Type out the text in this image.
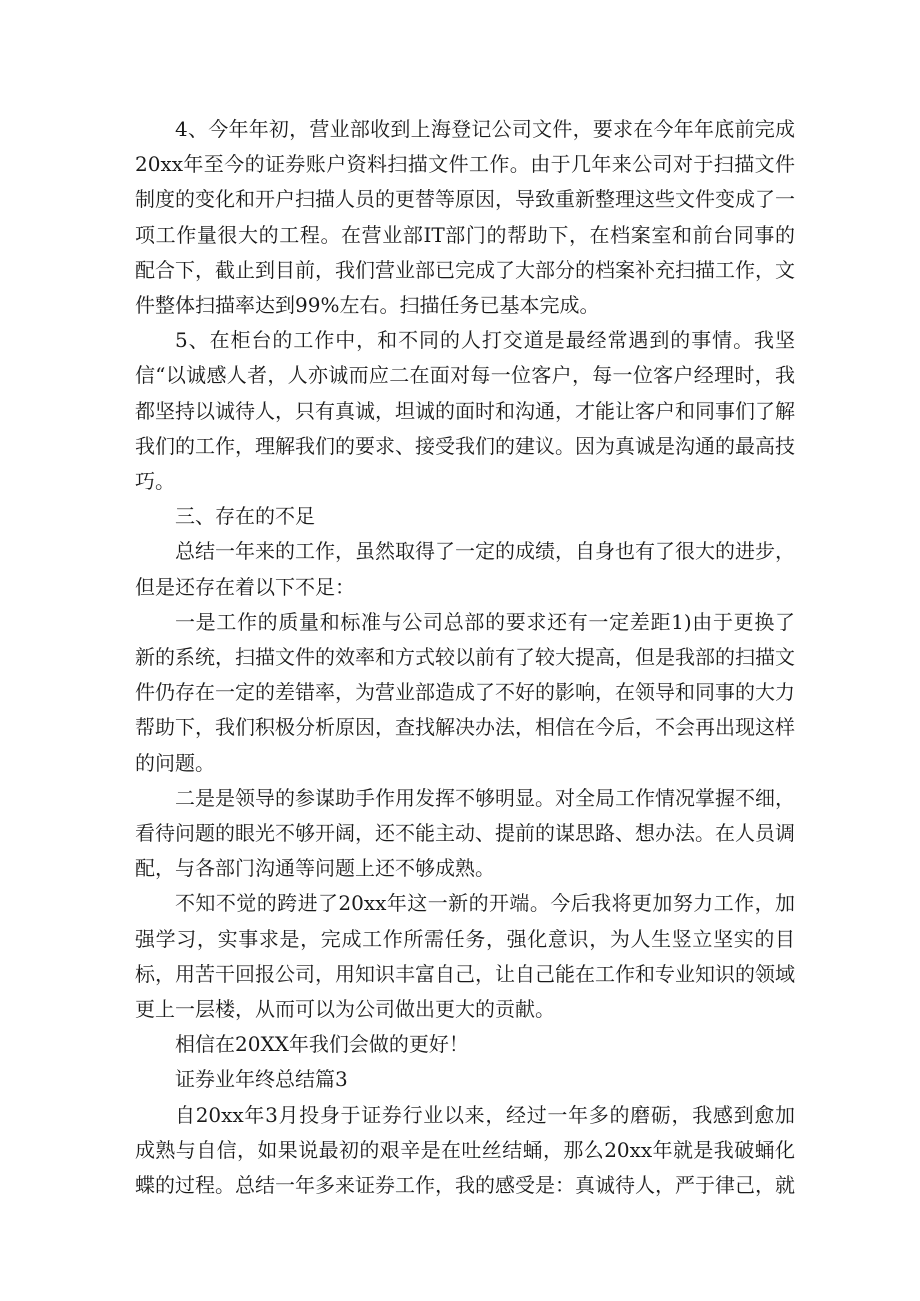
4、今年年初，营业部收到上海登记公司文件，要求在今年年底前完成20xx年至今的证券账户资料扫描文件工作。由于几年来公司对于扫描文件制度的变化和开户扫描人员的更替等原因，导致重新整理这些文件变成了一项工作量很大的工程。在营业部IT部门的帮助下，在档案室和前台同事的配合下，截止到目前，我们营业部已完成了大部分的档案补充扫描工作，文件整体扫描率达到99%左右。扫描任务已基本完成。

5、在柜台的工作中，和不同的人打交道是最经常遇到的事情。我坚信“以诚感人者，人亦诚而应二在面对每一位客户，每一位客户经理时，我都坚持以诚待人，只有真诚，坦诚的面时和沟通，才能让客户和同事们了解我们的工作，理解我们的要求、接受我们的建议。因为真诚是沟通的最高技巧。

三、存在的不足

总结一年来的工作，虽然取得了一定的成绩，自身也有了很大的进步，但是还存在着以下不足：

一是工作的质量和标准与公司总部的要求还有一定差距1)由于更换了新的系统，扫描文件的效率和方式较以前有了较大提高，但是我部的扫描文件仍存在一定的差错率，为营业部造成了不好的影响，在领导和同事的大力帮助下，我们积极分析原因，查找解决办法，相信在今后，不会再出现这样的问题。

二是是领导的参谋助手作用发挥不够明显。对全局工作情况掌握不细，看待问题的眼光不够开阔，还不能主动、提前的谋思路、想办法。在人员调配，与各部门沟通等问题上还不够成熟。

不知不觉的跨进了20xx年这一新的开端。今后我将更加努力工作，加强学习，实事求是，完成工作所需任务，强化意识，为人生竖立坚实的目标，用苦干回报公司，用知识丰富自己，让自己能在工作和专业知识的领域更上一层楼，从而可以为公司做出更大的贡献。

相信在20XX年我们会做的更好！

证券业年终总结篇3

自20xx年3月投身于证券行业以来，经过一年多的磨砺，我感到愈加成熟与自信，如果说最初的艰辛是在吐丝结蛹，那么20xx年就是我破蛹化蝶的过程。总结一年多来证券工作，我的感受是：真诚待人，严于律己，就
